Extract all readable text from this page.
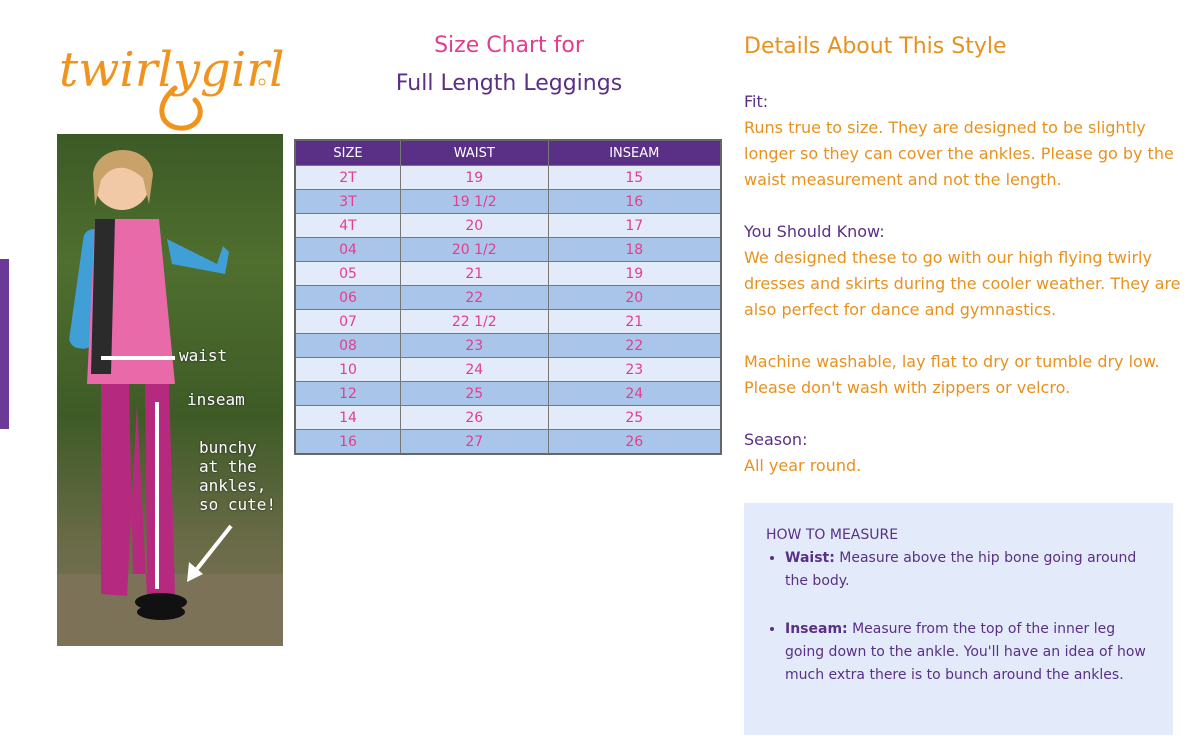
twirlygirl
waist
inseam
bunchy at the ankles, so cute!
Size Chart for
Full Length Leggings
SIZE	WAIST	INSEAM
2T	19	15
3T	19 1/2	16
4T	20	17
04	20 1/2	18
05	21	19
06	22	20
07	22 1/2	21
08	23	22
10	24	23
12	25	24
14	26	25
16	27	26
Details About This Style
Fit:
Runs true to size. They are designed to be slightly longer so they can cover the ankles. Please go by the waist measurement and not the length.
You Should Know:
We designed these to go with our high flying twirly dresses and skirts during the cooler weather. They are also perfect for dance and gymnastics.
Machine washable, lay flat to dry or tumble dry low. Please don't wash with zippers or velcro.
Season:
All year round.
HOW TO MEASURE
• Waist: Measure above the hip bone going around the body.
• Inseam: Measure from the top of the inner leg going down to the ankle. You'll have an idea of how much extra there is to bunch around the ankles.
